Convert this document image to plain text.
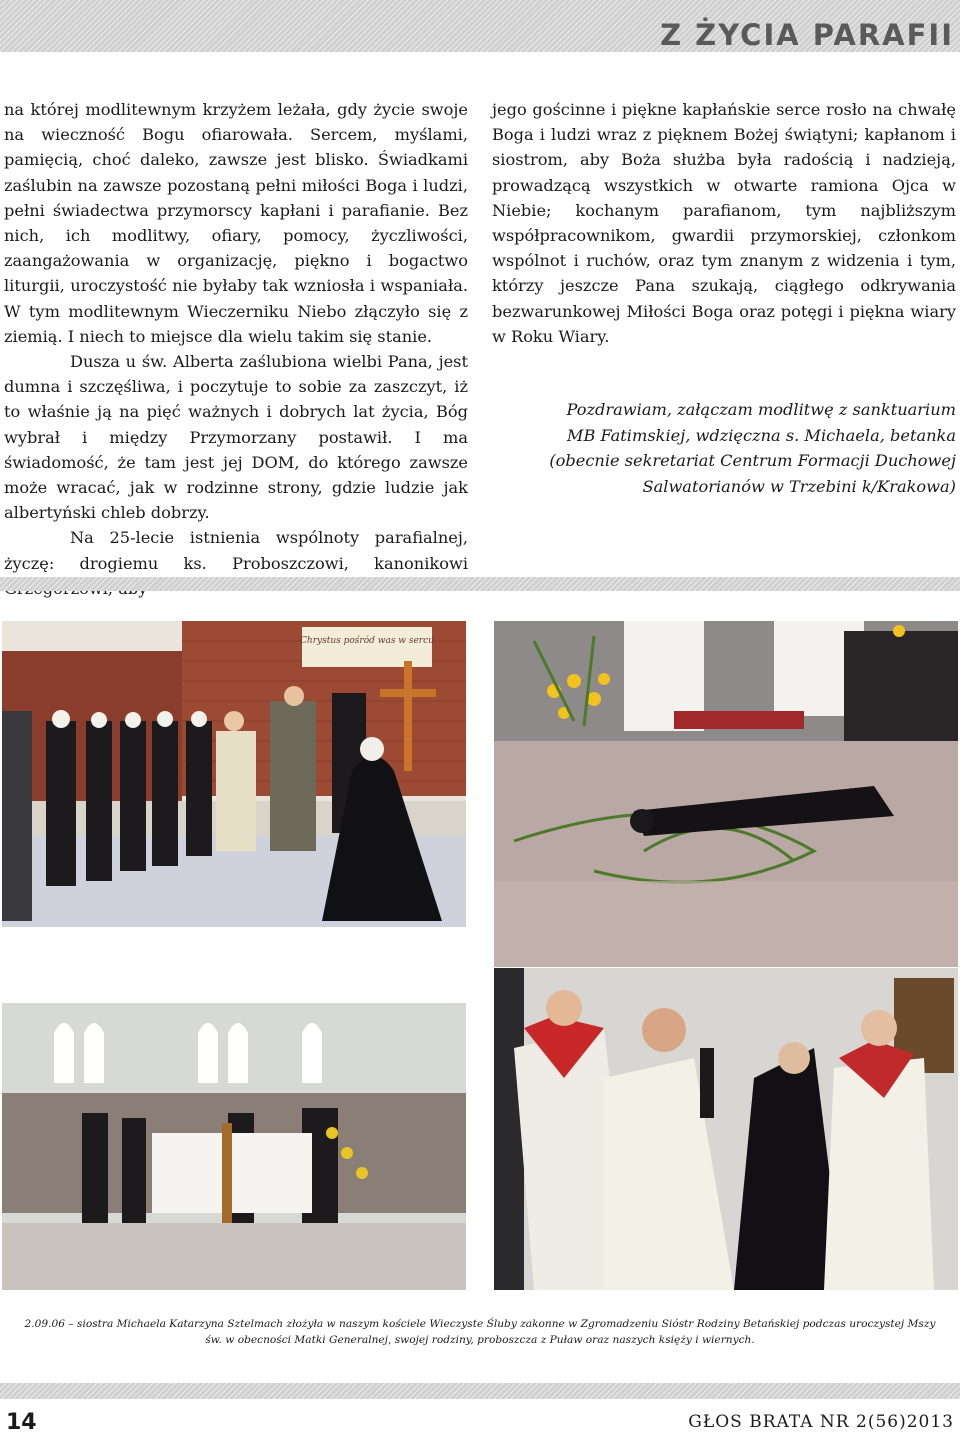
Z ŻYCIA PARAFII

na której modlitewnym krzyżem leżała, gdy życie swoje na wieczność Bogu ofiarowała. Sercem, myślami, pamięcią, choć daleko, zawsze jest blisko. Świadkami zaślubin na zawsze pozostaną pełni miłości Boga i ludzi, pełni świadectwa przymorscy kapłani i parafianie. Bez nich, ich modlitwy, ofiary, pomocy, życzliwości, zaangażowania w organizację, piękno i bogactwo liturgii, uroczystość nie byłaby tak wzniosła i wspaniała. W tym modlitewnym Wieczerniku Niebo złączyło się z ziemią. I niech to miejsce dla wielu takim się stanie.

Dusza u św. Alberta zaślubiona wielbi Pana, jest dumna i szczęśliwa, i poczytuje to sobie za zaszczyt, iż to właśnie ją na pięć ważnych i dobrych lat życia, Bóg wybrał i między Przymorzany postawił. I ma świadomość, że tam jest jej DOM, do którego zawsze może wracać, jak w rodzinne strony, gdzie ludzie jak albertyński chleb dobrzy.

Na 25-lecie istnienia wspólnoty parafialnej, życzę: drogiemu ks. Proboszczowi, kanonikowi

jego gościnne i piękne kapłańskie serce rosło na chwałę Boga i ludzi wraz z pięknem Bożej świątyni; kapłanom i siostrom, aby Boża służba była radością i nadzieją, prowadzącą wszystkich w otwarte ramiona Ojca w Niebie; kochanym parafianom, tym najbliższym współpracownikom, gwardii przymorskiej, członkom wspólnot i ruchów, oraz tym znanym z widzenia i tym, którzy jeszcze Pana szukają, ciągłego odkrywania bezwarunkowej Miłości Boga oraz potęgi i piękna wiary w Roku Wiary.

Pozdrawiam, załączam modlitwę z sanktuarium
MB Fatimskiej, wdzięczna s. Michaela, betanka
(obecnie sekretariat Centrum Formacji Duchowej
Salwatorianów w Trzebini k/Krakowa)

Chrystus pośród was w sercu

2.09.06 – siostra Michaela Katarzyna Sztelmach złożyła w naszym kościele Wieczyste Śluby zakonne w Zgromadzeniu Sióstr Rodziny Betańskiej podczas uroczystej Mszy św. w obecności Matki Generalnej, swojej rodziny, proboszcza z Puław oraz naszych księży i wiernych.

14	GŁOS BRATA NR 2(56)2013
